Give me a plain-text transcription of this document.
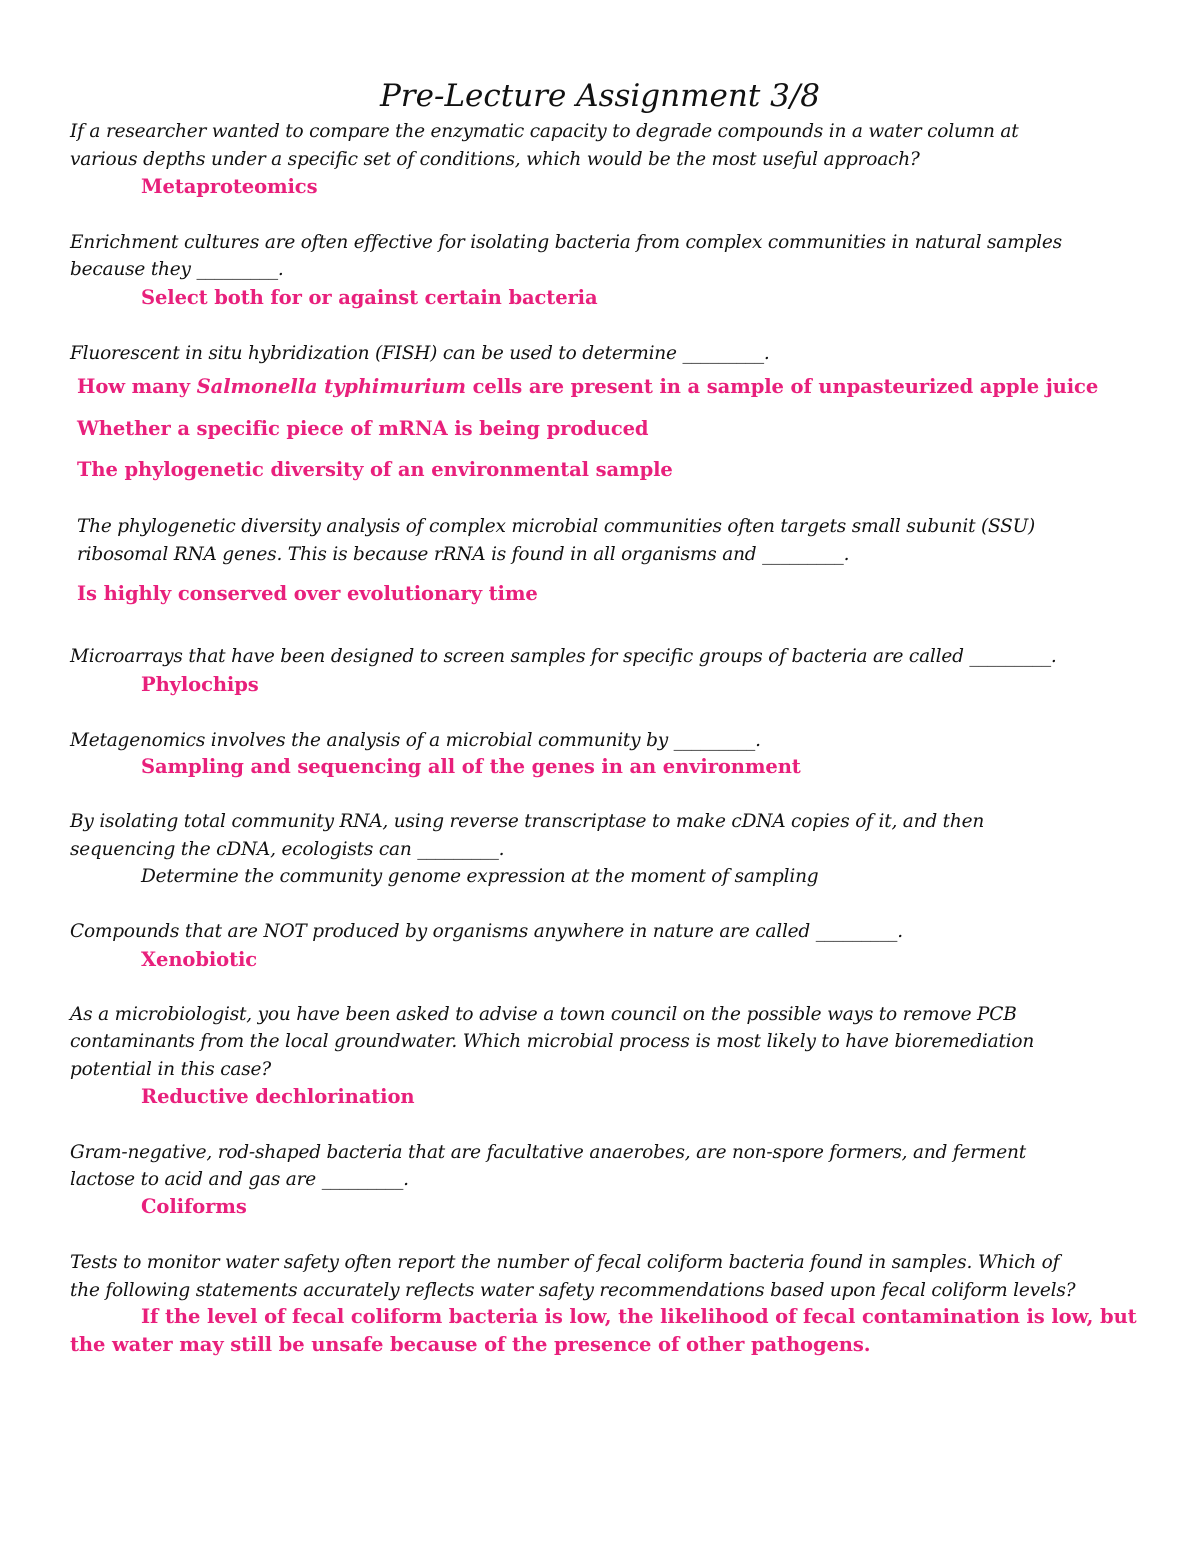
Pre-Lecture Assignment 3/8

If a researcher wanted to compare the enzymatic capacity to degrade compounds in a water column at

various depths under a specific set of conditions, which would be the most useful approach?

Metaproteomics

Enrichment cultures are often effective for isolating bacteria from complex communities in natural samples

because they _________.

Select both for or against certain bacteria

Fluorescent in situ hybridization (FISH) can be used to determine _________.

How many Salmonella typhimurium cells are present in a sample of unpasteurized apple juice

Whether a specific piece of mRNA is being produced

The phylogenetic diversity of an environmental sample

The phylogenetic diversity analysis of complex microbial communities often targets small subunit (SSU)

ribosomal RNA genes. This is because rRNA is found in all organisms and _________.

Is highly conserved over evolutionary time

Microarrays that have been designed to screen samples for specific groups of bacteria are called _________.

Phylochips

Metagenomics involves the analysis of a microbial community by _________.

Sampling and sequencing all of the genes in an environment

By isolating total community RNA, using reverse transcriptase to make cDNA copies of it, and then

sequencing the cDNA, ecologists can _________.

Determine the community genome expression at the moment of sampling

Compounds that are NOT produced by organisms anywhere in nature are called _________.

Xenobiotic

As a microbiologist, you have been asked to advise a town council on the possible ways to remove PCB

contaminants from the local groundwater. Which microbial process is most likely to have bioremediation

potential in this case?

Reductive dechlorination

Gram-negative, rod-shaped bacteria that are facultative anaerobes, are non-spore formers, and ferment

lactose to acid and gas are _________.

Coliforms

Tests to monitor water safety often report the number of fecal coliform bacteria found in samples. Which of

the following statements accurately reflects water safety recommendations based upon fecal coliform levels?

If the level of fecal coliform bacteria is low, the likelihood of fecal contamination is low, but

the water may still be unsafe because of the presence of other pathogens.
